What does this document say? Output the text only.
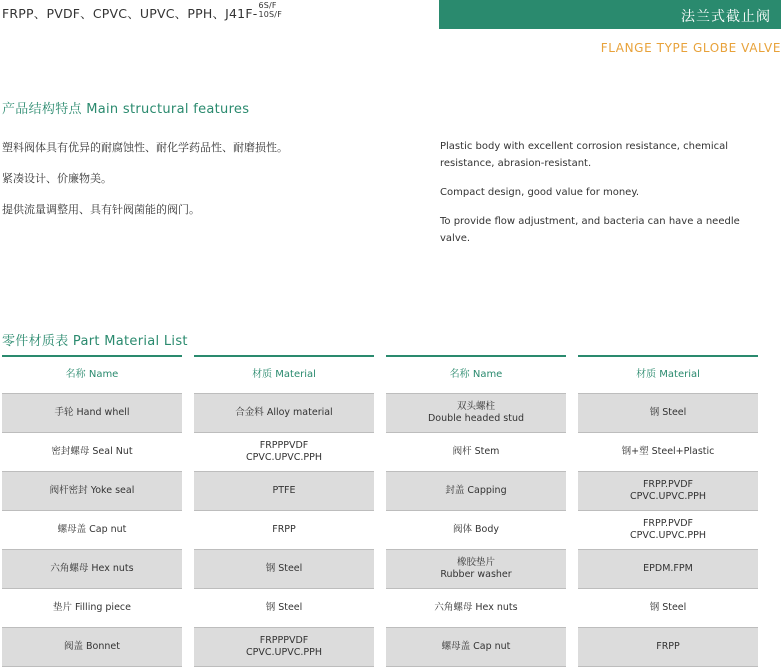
FRPP、PVDF、CPVC、UPVC、PPH、J41F-
6S/F
10S/F	法兰式截止阀
FLANGE TYPE GLOBE VALVE
产品结构特点 Main structural features

塑料阀体具有优异的耐腐蚀性、耐化学药品性、耐磨损性。

紧凑设计、价廉物美。

提供流量调整用、具有针阀菌能的阀门。

Plastic body with excellent corrosion resistance, chemical resistance, abrasion-resistant.

Compact design, good value for money.

To provide flow adjustment, and bacteria can have a needle valve.

零件材质表 Part Material List
名称 Name	材质 Material	名称 Name	材质 Material

手轮 Hand whell	合金料 Alloy material	双头螺柱
Double headed stud	钢 Steel

密封螺母 Seal Nut	FRPPPVDF
CPVC.UPVC.PPH	阀杆 Stem	钢+塑 Steel+Plastic

阀杆密封 Yoke seal	PTFE	封盖 Capping	FRPP.PVDF
CPVC.UPVC.PPH

螺母盖 Cap nut	FRPP	阀体 Body	FRPP.PVDF
CPVC.UPVC.PPH

六角螺母 Hex nuts	钢 Steel	橡胶垫片
Rubber washer	EPDM.FPM

垫片 Filling piece	钢 Steel	六角螺母 Hex nuts	钢 Steel

阀盖 Bonnet	FRPPPVDF
CPVC.UPVC.PPH	螺母盖 Cap nut	FRPP
